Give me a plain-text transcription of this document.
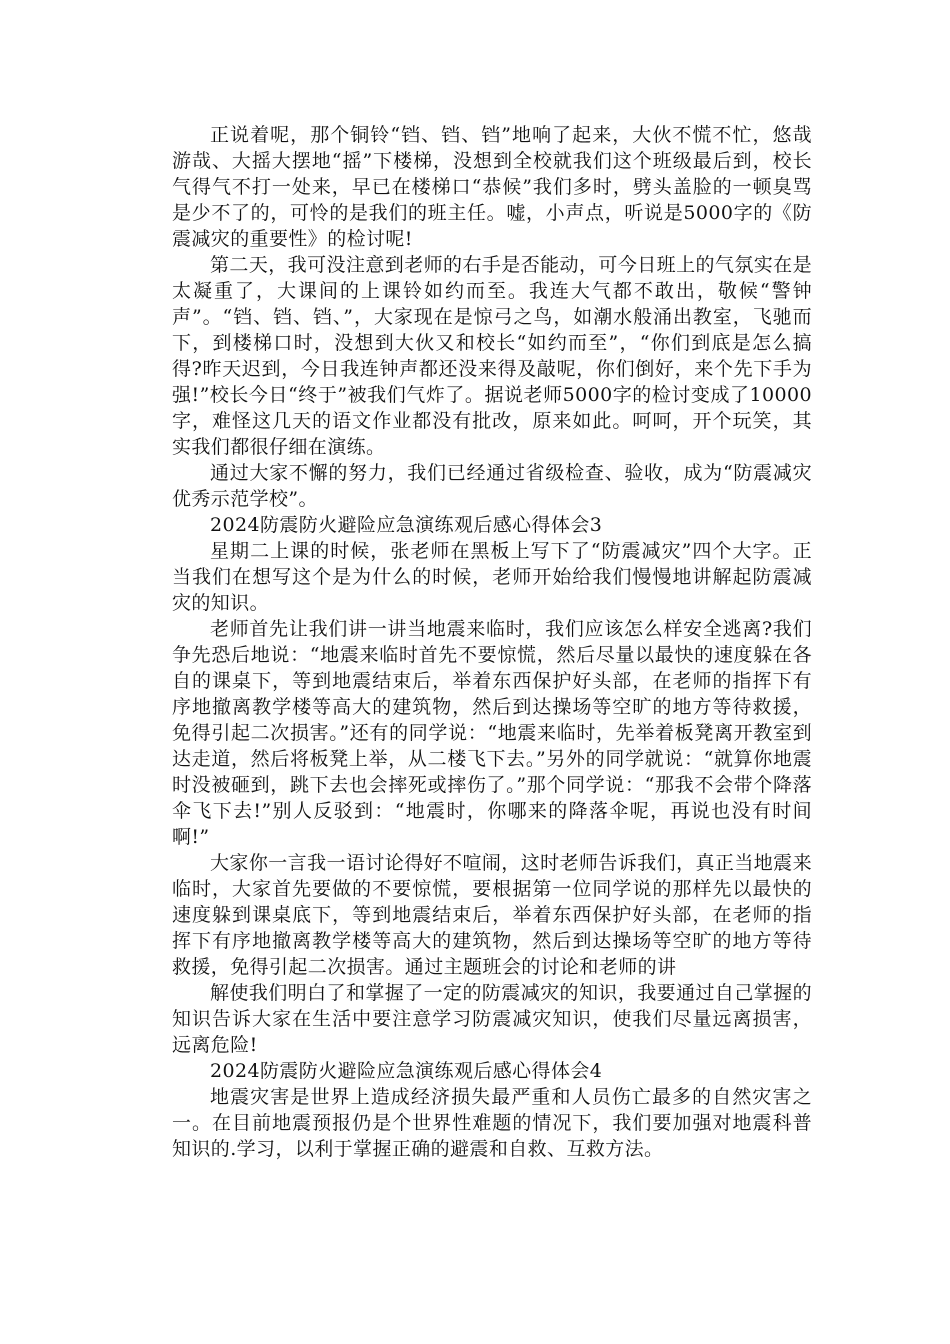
正说着呢，那个铜铃“铛、铛、铛”地响了起来，大伙不慌不忙，悠哉游哉、大摇大摆地“摇”下楼梯，没想到全校就我们这个班级最后到，校长气得气不打一处来，早已在楼梯口“恭候”我们多时，劈头盖脸的一顿臭骂是少不了的，可怜的是我们的班主任。嘘，小声点，听说是5000字的《防震减灾的重要性》的检讨呢!

第二天，我可没注意到老师的右手是否能动，可今日班上的气氛实在是太凝重了，大课间的上课铃如约而至。我连大气都不敢出，敬候“警钟声”。“铛、铛、铛、”，大家现在是惊弓之鸟，如潮水般涌出教室，飞驰而下，到楼梯口时，没想到大伙又和校长“如约而至”，“你们到底是怎么搞得?昨天迟到，今日我连钟声都还没来得及敲呢，你们倒好，来个先下手为强!”校长今日“终于”被我们气炸了。据说老师5000字的检讨变成了10000字，难怪这几天的语文作业都没有批改，原来如此。呵呵，开个玩笑，其实我们都很仔细在演练。

通过大家不懈的努力，我们已经通过省级检查、验收，成为“防震减灾优秀示范学校”。

2024防震防火避险应急演练观后感心得体会3

星期二上课的时候，张老师在黑板上写下了“防震减灾”四个大字。正当我们在想写这个是为什么的时候，老师开始给我们慢慢地讲解起防震减灾的知识。

老师首先让我们讲一讲当地震来临时，我们应该怎么样安全逃离?我们争先恐后地说：“地震来临时首先不要惊慌，然后尽量以最快的速度躲在各自的课桌下，等到地震结束后，举着东西保护好头部，在老师的指挥下有序地撤离教学楼等高大的建筑物，然后到达操场等空旷的地方等待救援，免得引起二次损害。”还有的同学说：“地震来临时，先举着板凳离开教室到达走道，然后将板凳上举，从二楼飞下去。”另外的同学就说：“就算你地震时没被砸到，跳下去也会摔死或摔伤了。”那个同学说：“那我不会带个降落伞飞下去!”别人反驳到：“地震时，你哪来的降落伞呢，再说也没有时间啊!”

大家你一言我一语讨论得好不喧闹，这时老师告诉我们，真正当地震来临时，大家首先要做的不要惊慌，要根据第一位同学说的那样先以最快的速度躲到课桌底下，等到地震结束后，举着东西保护好头部，在老师的指挥下有序地撤离教学楼等高大的建筑物，然后到达操场等空旷的地方等待救援，免得引起二次损害。通过主题班会的讨论和老师的讲

解使我们明白了和掌握了一定的防震减灾的知识，我要通过自己掌握的知识告诉大家在生活中要注意学习防震减灾知识，使我们尽量远离损害，远离危险!

2024防震防火避险应急演练观后感心得体会4

地震灾害是世界上造成经济损失最严重和人员伤亡最多的自然灾害之一。在目前地震预报仍是个世界性难题的情况下，我们要加强对地震科普知识的.学习，以利于掌握正确的避震和自救、互救方法。
